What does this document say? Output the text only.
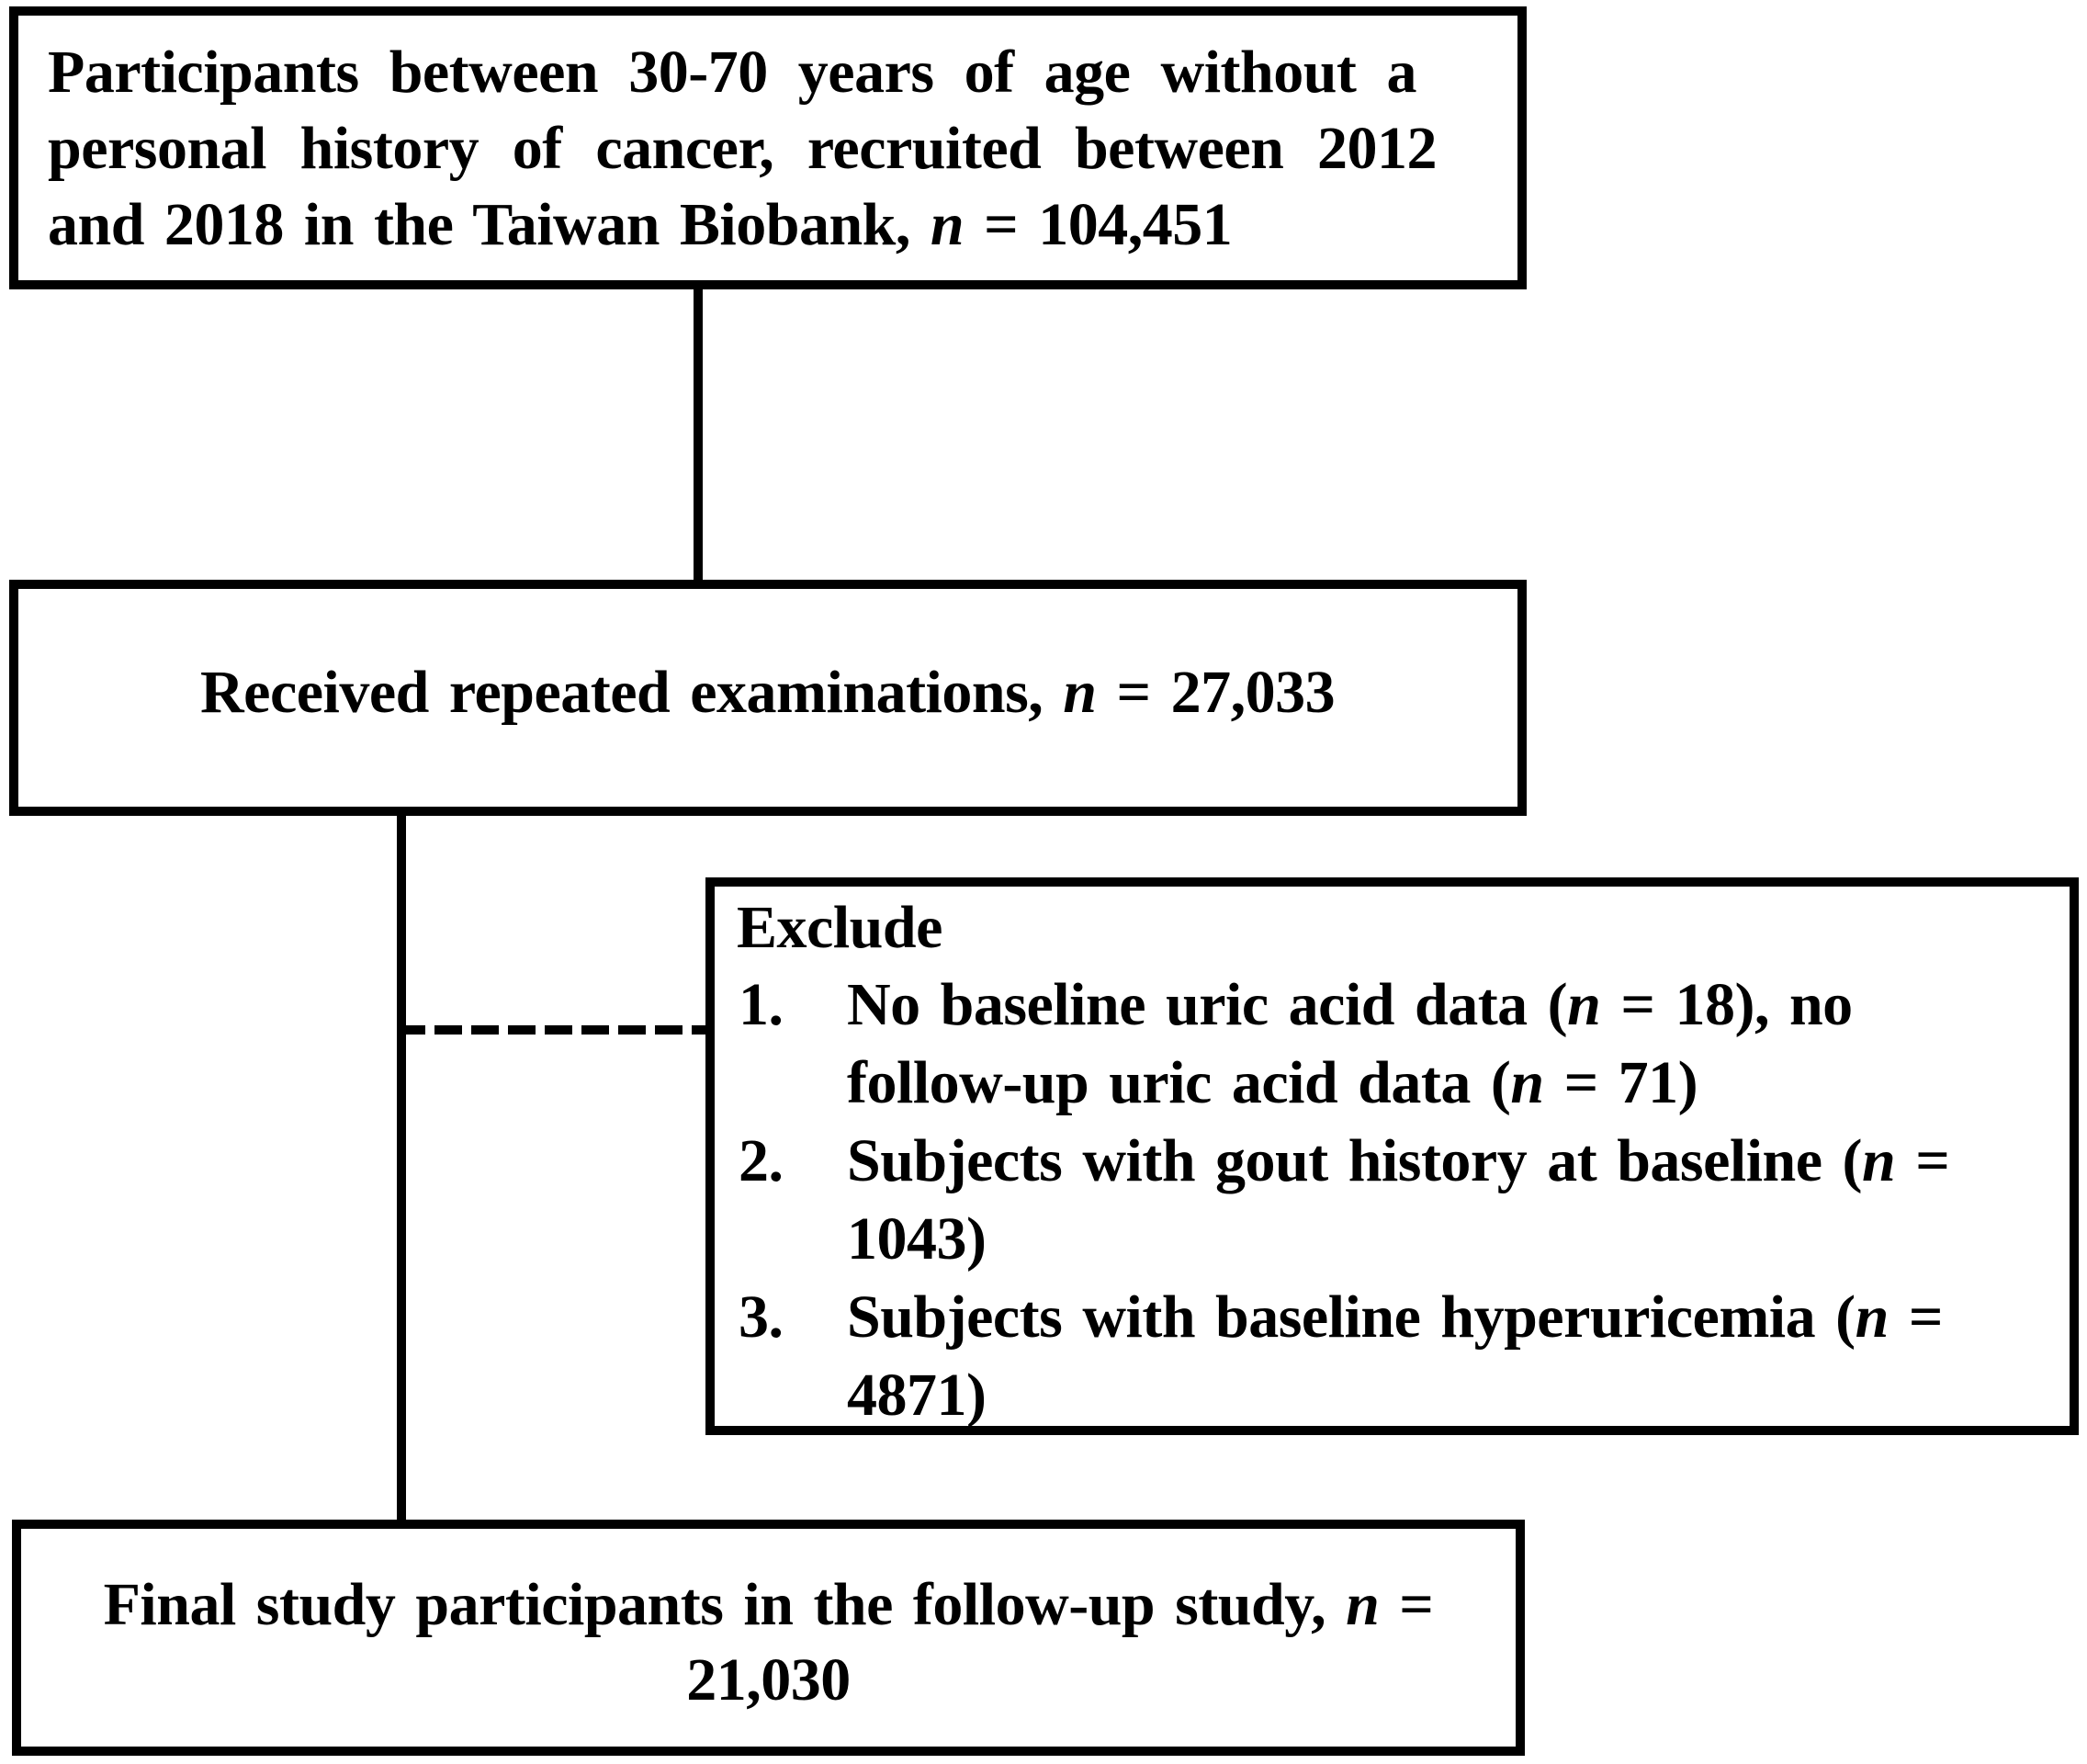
Participants between 30-70 years of age without a
personal history of cancer, recruited between 2012
and 2018 in the Taiwan Biobank, n = 104,451
Received repeated examinations, n = 27,033
Exclude
1. No baseline uric acid data (n = 18), no
follow-up uric acid data (n = 71)
2. Subjects with gout history at baseline (n =
1043)
3. Subjects with baseline hyperuricemia (n =
4871)
Final study participants in the follow-up study, n =
21,030
